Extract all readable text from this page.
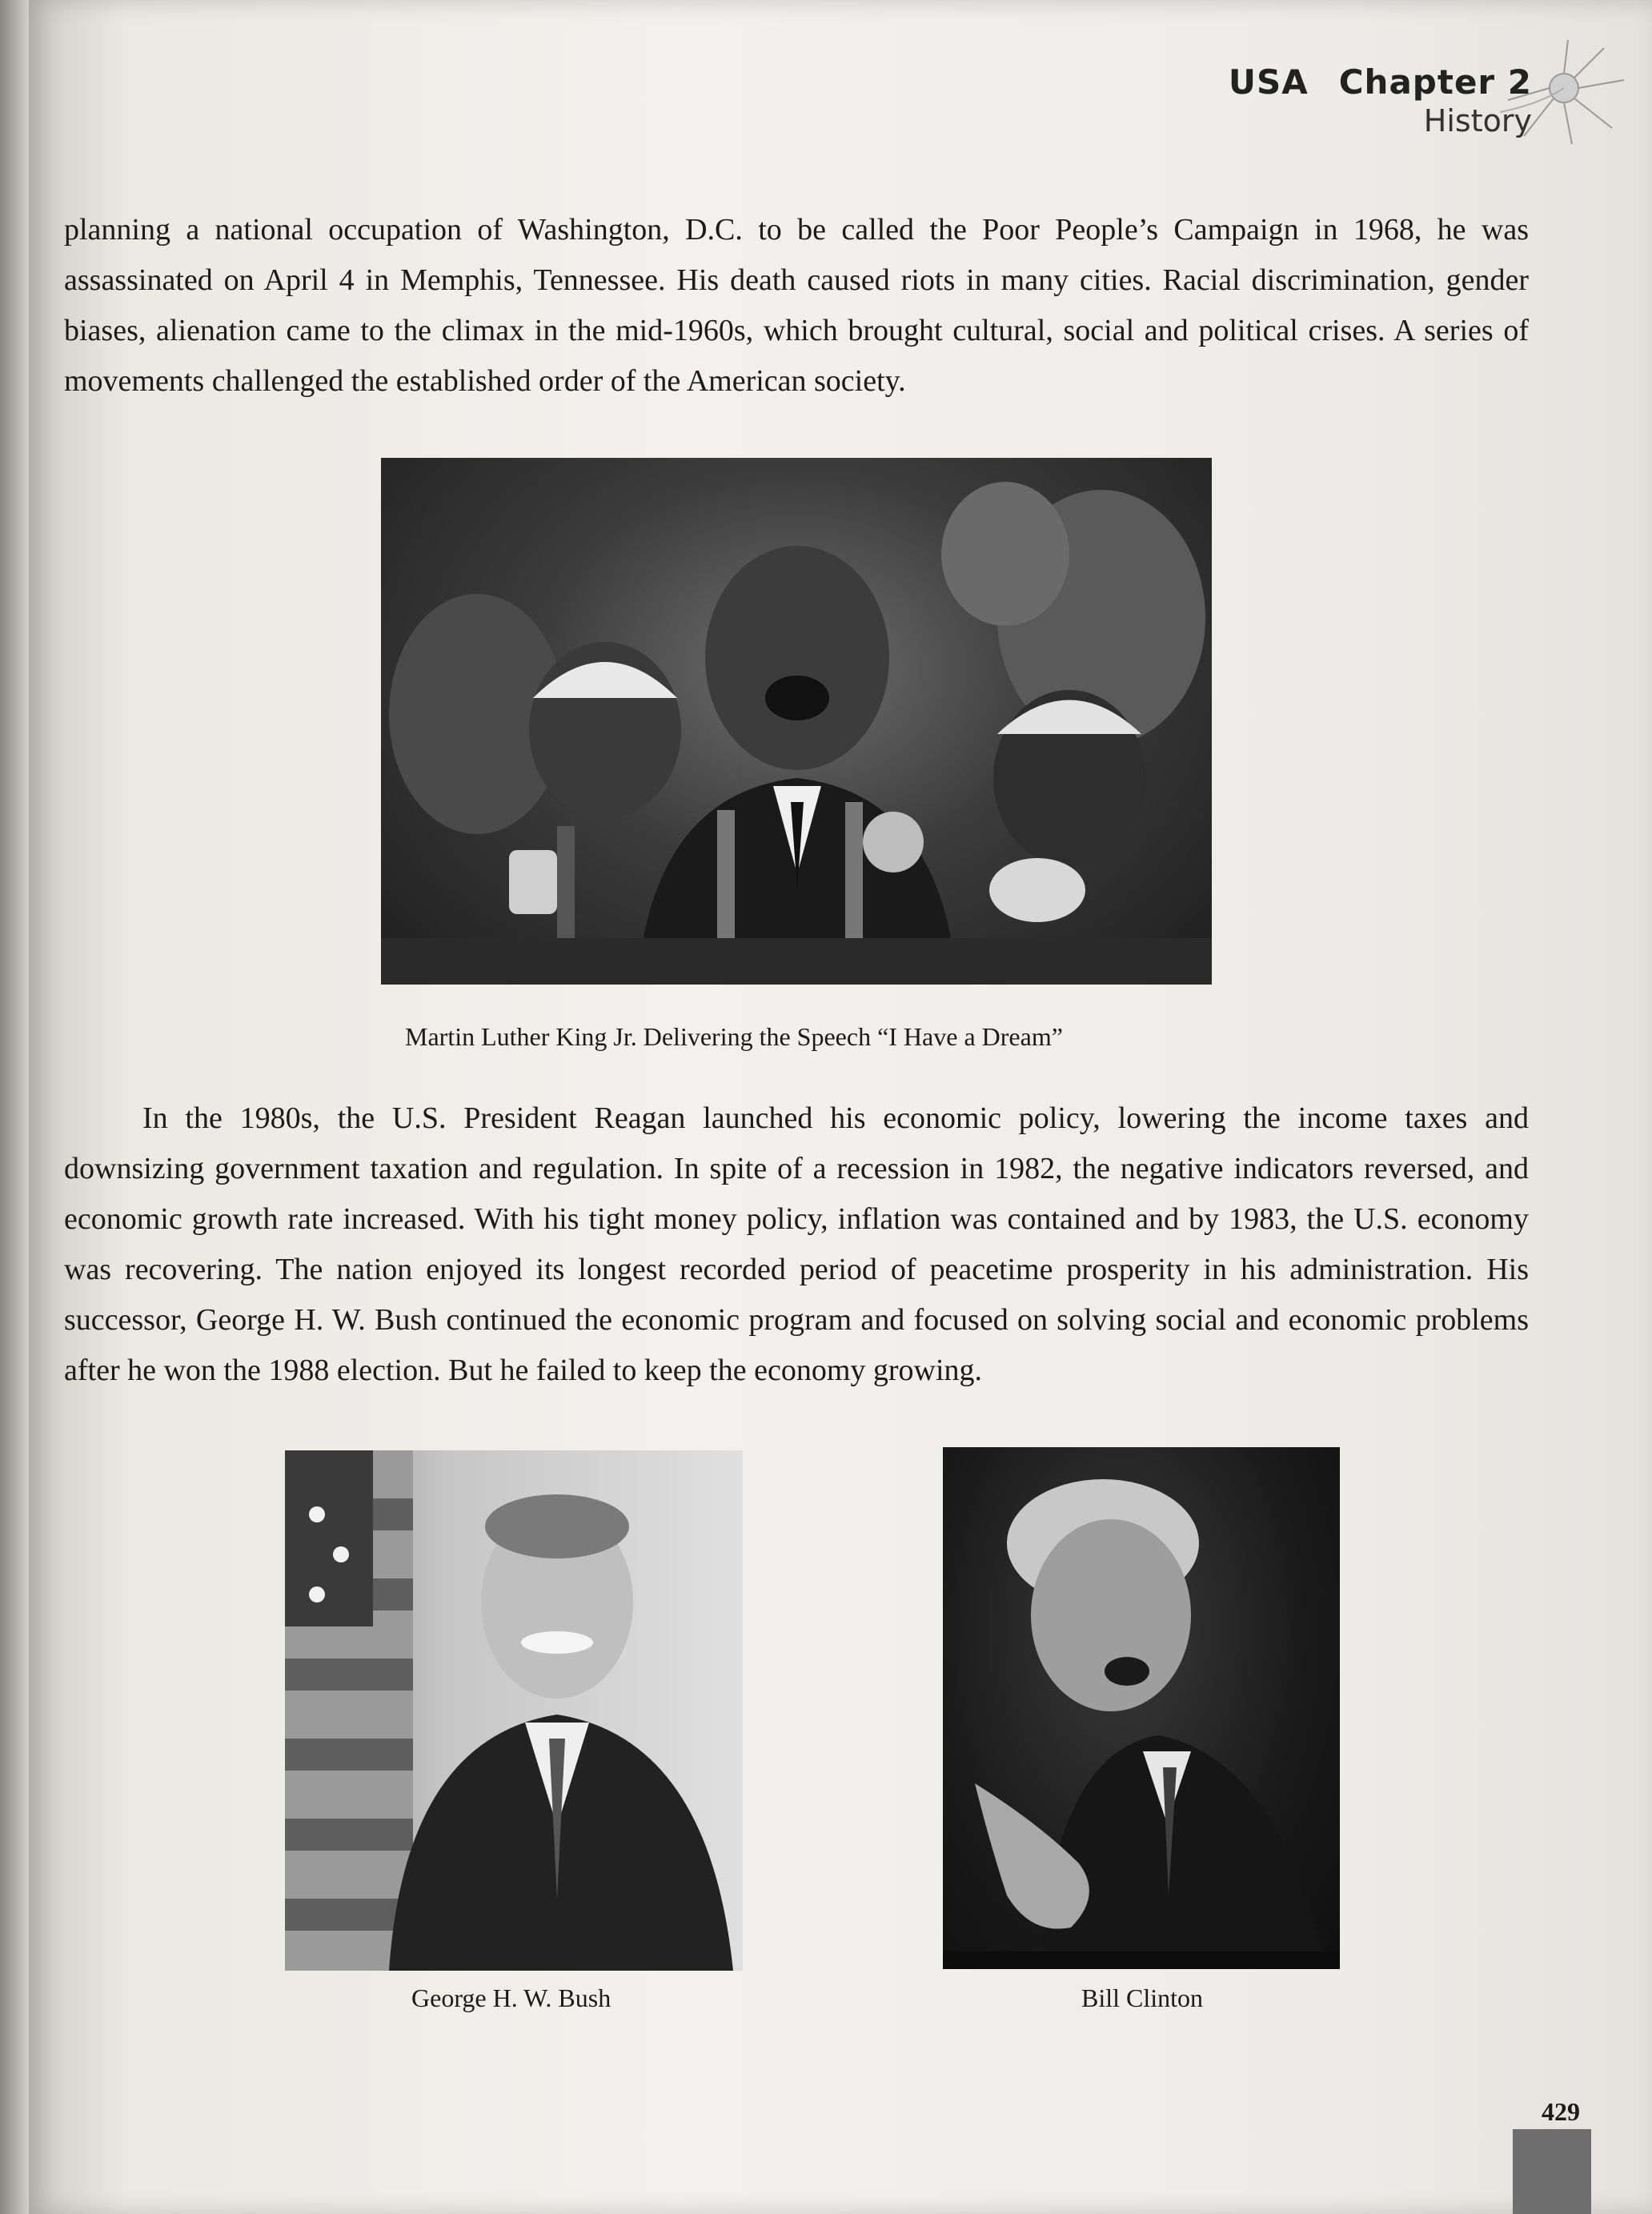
USA Chapter 2
History

planning a national occupation of Washington, D.C. to be called the Poor People’s Campaign in 1968, he was assassinated on April 4 in Memphis, Tennessee. His death caused riots in many cities. Racial discrimination, gender biases, alienation came to the climax in the mid-1960s, which brought cultural, social and political crises. A series of movements challenged the established order of the American society.

Martin Luther King Jr. Delivering the Speech “I Have a Dream”

In the 1980s, the U.S. President Reagan launched his economic policy, lowering the income taxes and downsizing government taxation and regulation. In spite of a recession in 1982, the negative indicators reversed, and economic growth rate increased. With his tight money policy, inflation was contained and by 1983, the U.S. economy was recovering. The nation enjoyed its longest recorded period of peacetime prosperity in his administration. His successor, George H. W. Bush continued the economic program and focused on solving social and economic problems after he won the 1988 election. But he failed to keep the economy growing.

George H. W. Bush	Bill Clinton
429
